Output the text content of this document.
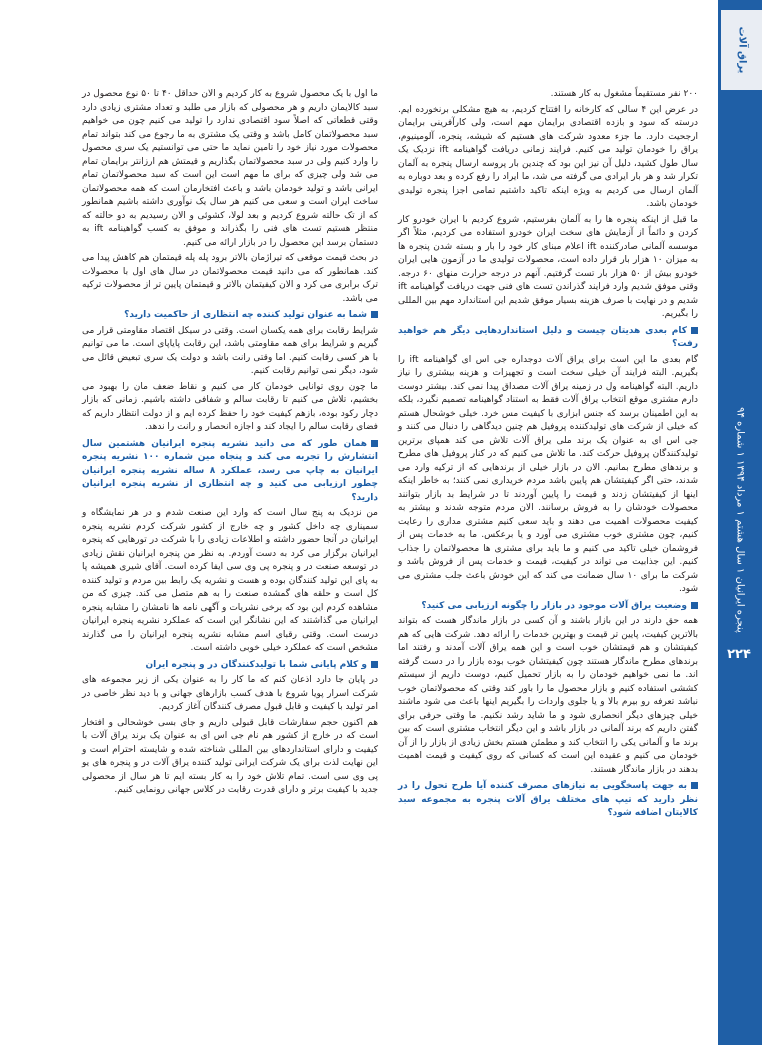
یراق آلات
پنجره ایرانیان ۱ سال هشتم ۱ مرداد ۱۳۹۴ ۱ شماره ۹۴
۲۲۴

۲۰۰ نفر مستقیماً مشغول به کار هستند.

در عرض این ۴ سالی که کارخانه را افتتاح کردیم، به هیچ مشکلی برنخورده ایم. درسته که سود و بازده اقتصادی برایمان مهم است، ولی کارآفرینی برایمان ارجحیت دارد. ما جزء معدود شرکت های هستیم که شیشه، پنجره، آلومینیوم، یراق را خودمان تولید می کنیم. فرایند زمانی دریافت گواهینامه ift نزدیک یک سال طول کشید، دلیل آن نیز این بود که چندین بار پروسه ارسال پنجره به آلمان تکرار شد و هر بار ایرادی می گرفته می شد، ما ایراد را رفع کرده و بعد دوباره به آلمان ارسال می کردیم به ویژه اینکه تاکید داشتیم تمامی اجزا پنجره تولیدی خودمان باشد.

ما قبل از اینکه پنجره ها را به آلمان بفرستیم، شروع کردیم با ایران خودرو کار کردن و دائماً از آزمایش های سخت ایران خودرو استفاده می کردیم، مثلاً اگر موسسه آلمانی صادرکننده ift اعلام مبنای کار خود را بار و بسته شدن پنجره ها به میزان ۱۰ هزار بار قرار داده است، محصولات تولیدی ما در آزمون هایی ایران خودرو بیش از ۵۰ هزار بار تست گرفتیم. آنهم در درجه حرارت منهای ۶۰ درجه. وقتی موفق شدیم وارد فرایند گذراندن تست های فنی جهت دریافت گواهینامه ift شدیم و در نهایت با صرف هزینه بسیار موفق شدیم این استاندارد مهم بین المللی را بگیریم.

کام بعدی هدیتان چیست و دلیل استانداردهایی دیگر هم خواهید رفت؟

گام بعدی ما این است برای یراق آلات دوجداره جی اس ای گواهینامه ift را بگیریم. البته فرایند آن خیلی سخت است و تجهیزات و هزینه بیشتری را نیاز داریم. البته گواهینامه ول در زمینه یراق آلات مصداق پیدا نمی کند. بیشتر دوست دارم مشتری موقع انتخاب یراق آلات فقط به استناد گواهینامه تصمیم نگیرد، بلکه به این اطمینان برسد که جنس ابزاری با کیفیت مس خرد. خیلی خوشحال هستم که خیلی از شرکت های تولیدکننده پروفیل هم چنین دیدگاهی را دنبال می کنند و جی اس ای به عنوان یک برند ملی یراق آلات تلاش می کند همپای برترین تولیدکنندگان پروفیل حرکت کند. ما تلاش می کنیم که در کنار پروفیل های مطرح و برندهای مطرح بمانیم. الان در بازار خیلی از برندهایی که از ترکیه وارد می شدند، حتی اگر کیفیتشان هم پایین باشد مردم خریداری نمی کنند؛ به خاطر اینکه اینها از کیفیتشان زدند و قیمت را پایین آوردند تا در شرایط بد بازار بتوانند محصولات خودشان را به فروش برسانند. الان مردم متوجه شدند و بیشتر به کیفیت محصولات اهمیت می دهند و باید سعی کنیم مشتری مداری را رعایت کنیم، چون مشتری خوب مشتری می آورد و یا برعکس. ما به خدمات پس از فروشمان خیلی تاکید می کنیم و ما باید برای مشتری ها محصولاتمان را جذاب کنیم. این جذابیت می تواند در کیفیت، قیمت و خدمات پس از فروش باشد و شرکت ما برای ۱۰ سال ضمانت می کند که این خودش باعث جلب مشتری می شود.

وضعیت یراق آلات موجود در بازار را چگونه ارزیابی می کنید؟

همه حق دارند در این بازار باشند و آن کسی در بازار ماندگار هست که بتواند بالاترین کیفیت، پایین تر قیمت و بهترین خدمات را ارائه دهد. شرکت هایی که هم کیفیتشان و هم قیمتشان خوب است و این همه یراق آلات آمدند و رفتند اما برندهای مطرح ماندگار هستند چون کیفیتشان خوب بوده بازار را در دست گرفته اند. ما نمی خواهیم خودمان را به بازار تحمیل کنیم، دوست داریم از سیستم کششی استفاده کنیم و بازار محصول ما را باور کند وقتی که محصولاتمان خوب نباشد تعرفه رو بیرم بالا و یا جلوی واردات را بگیریم اینها باعث می شود ماشند خیلی چیزهای دیگر انحصاری شود و ما شاید رشد نکنیم. ما وقتی حرفی برای گفتن داریم که برند آلمانی در بازار باشد و این دیگر انتخاب مشتری است که بین برند ما و آلمانی یکی را انتخاب کند و مطمئن هستم بخش زیادی از بازار را از آن خودمان می کنیم و عقیده این است که کسانی که روی کیفیت و قیمت اهمیت بدهند در بازار ماندگار هستند.

به جهت پاسخگویی به نیازهای مصرف کننده آیا طرح تحول را در نظر دارید که تیپ های مختلف یراق آلات پنجره به مجموعه سبد کالایتان اضافه شود؟

ما اول با یک محصول شروع به کار کردیم و الان حداقل ۴۰ تا ۵۰ نوع محصول در سبد کالایمان داریم و هر محصولی که بازار می طلبد و تعداد مشتری زیادی دارد وقتی قطعاتی که اصلاً سود اقتصادی ندارد را تولید می کنیم چون می خواهیم سبد محصولاتمان کامل باشد و وقتی یک مشتری به ما رجوع می کند بتواند تمام محصولات مورد نیاز خود را تامین نماید ما حتی می توانستیم یک سری محصول را وارد کنیم ولی در سبد محصولاتمان بگذاریم و قیمتش هم ارزانتر برایمان تمام می شد ولی چیزی که برای ما مهم است این است که سبد محصولاتمان تمام ایرانی باشد و تولید خودمان باشد و باعث افتخارمان است که همه محصولاتمان ساخت ایران است و سعی می کنیم هر سال یک نوآوری داشته باشیم همانطور که از تک حالته شروع کردیم و بعد لولا، کشوئی و الان رسیدیم به دو حالته که منتظر هستیم تست های فنی را بگذراند و موفق به کسب گواهینامه ift به دستمان برسد این محصول را در بازار ارائه می کنیم.

در بحث قیمت موقعی که تیراژمان بالاتر برود پله پله قیمتمان هم کاهش پیدا می کند. همانطور که می دانید قیمت محصولاتمان در سال های اول با محصولات ترک برابری می کرد و الان کیفیتمان بالاتر و قیمتمان پایین تر از محصولات ترکیه می باشد.

شما به عنوان تولید کننده چه انتظاری از حاکمیت دارید؟

شرایط رقابت برای همه یکسان است. وقتی در سیکل اقتصاد مقاومتی قرار می گیریم و شرایط برای همه مقاومتی باشد، این رقابت پایاپای است. ما می توانیم با هر کسی رقابت کنیم. اما وقتی رانت باشد و دولت یک سری تبعیض قائل می شود، دیگر نمی توانیم رقابت کنیم.

ما چون روی توانایی خودمان کار می کنیم و نقاط ضعف مان را بهبود می بخشیم، تلاش می کنیم تا رقابت سالم و شفافی داشته باشیم. زمانی که بازار دچار رکود بوده، بازهم کیفیت خود را حفظ کرده ایم و از دولت انتظار داریم که فضای رقابت سالم را ایجاد کند و اجازه انحصار و رانت را ندهد.

همان طور که می دانید نشریه پنجره ایرانیان هشتمین سال انتشارش را تجربه می کند و پنجاه مین شماره ۱۰۰ نشریه پنجره ایرانیان به چاپ می رسد، عملکرد ۸ ساله نشریه پنجره ایرانیان چطور ارزیابی می کنید و چه انتظاری از نشریه پنجره ایرانیان دارید؟

من نزدیک به پنج سال است که وارد این صنعت شدم و در هر نمایشگاه و سمیناری چه داخل کشور و چه خارج از کشور شرکت کردم نشریه پنجره ایرانیان در آنجا حضور داشته و اطلاعات زیادی را با شرکت در تورهایی که پنجره ایرانیان برگزار می کرد به دست آوردم. به نظر من پنجره ایرانیان نقش زیادی در توسعه صنعت در و پنجره پی وی سی ایفا کرده است. آقای شیری همیشه پا به پای این تولید کنندگان بوده و هست و نشریه یک رابط بین مردم و تولید کننده کل است و حلقه های گمشده صنعت را به هم متصل می کند. چیزی که من مشاهده کردم این بود که برخی نشریات و آگهی نامه ها نامشان را مشابه پنجره ایرانیان می گذاشتند که این نشانگر این است که عملکرد نشریه پنجره ایرانیان درست است. وقتی رقبای اسم مشابه نشریه پنجره ایرانیان را می گذارند مشخص است که عملکرد خیلی خوبی داشته است.

و کلام پایانی شما با تولیدکنندگان در و پنجره ایران

در پایان جا دارد اذعان کنم که ما کار را به عنوان یکی از زیر مجموعه های شرکت اسرار پویا شروع با هدف کسب بازارهای جهانی و با دید نظر خاصی در امر تولید با کیفیت و قابل قبول مصرف کنندگان آغاز کردیم.

هم اکنون حجم سفارشات قابل قبولی داریم و جای بسی خوشحالی و افتخار است که در خارج از کشور هم نام جی اس ای به عنوان یک برند یراق آلات با کیفیت و دارای استانداردهای بین المللی شناخته شده و شایسته احترام است و این نهایت لذت برای یک شرکت ایرانی تولید کننده یراق آلات در و پنجره های یو پی وی سی است. تمام تلاش خود را به کار بسته ایم تا هر سال از محصولی جدید با کیفیت برتر و دارای قدرت رقابت در کلاس جهانی رونمایی کنیم.
